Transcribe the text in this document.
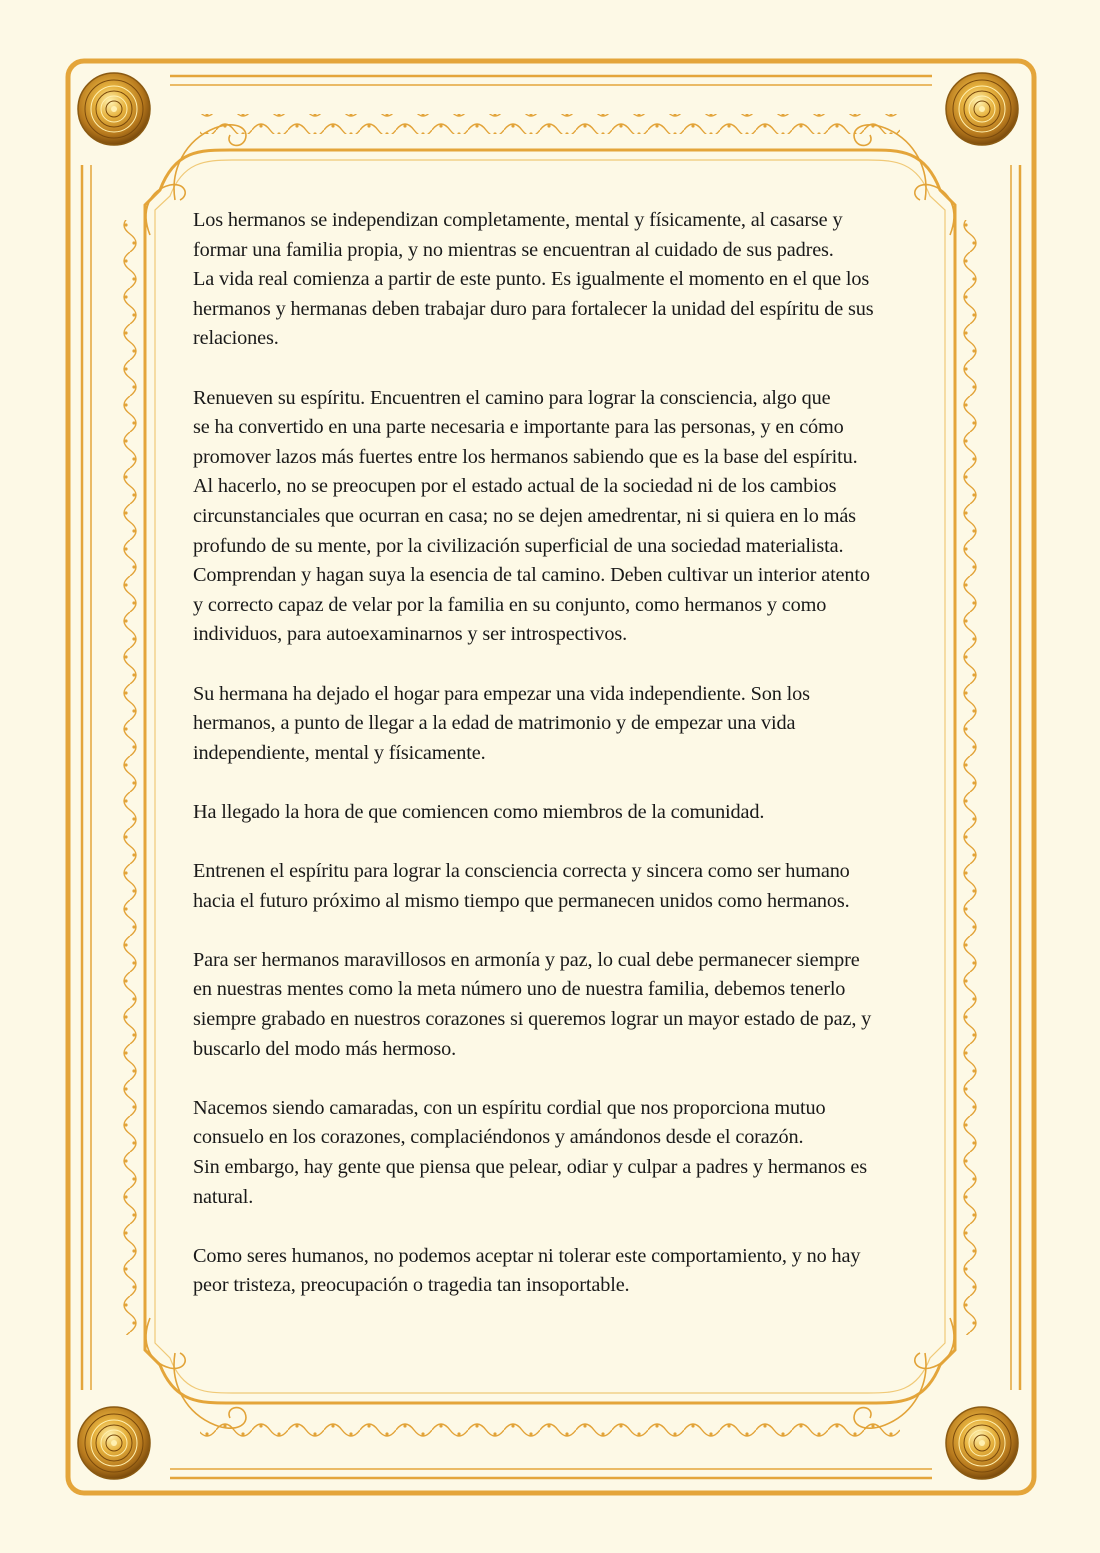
Los hermanos se independizan completamente, mental y físicamente, al casarse y
formar una familia propia, y no mientras se encuentran al cuidado de sus padres.
La vida real comienza a partir de este punto. Es igualmente el momento en el que los
hermanos y hermanas deben trabajar duro para fortalecer la unidad del espíritu de sus
relaciones.

Renueven su espíritu. Encuentren el camino para lograr la consciencia, algo que
se ha convertido en una parte necesaria e importante para las personas, y en cómo
promover lazos más fuertes entre los hermanos sabiendo que es la base del espíritu.
Al hacerlo, no se preocupen por el estado actual de la sociedad ni de los cambios
circunstanciales que ocurran en casa; no se dejen amedrentar, ni si quiera en lo más
profundo de su mente, por la civilización superficial de una sociedad materialista.
Comprendan y hagan suya la esencia de tal camino. Deben cultivar un interior atento
y correcto capaz de velar por la familia en su conjunto, como hermanos y como
individuos, para autoexaminarnos y ser introspectivos.

Su hermana ha dejado el hogar para empezar una vida independiente. Son los
hermanos, a punto de llegar a la edad de matrimonio y de empezar una vida
independiente, mental y físicamente.

Ha llegado la hora de que comiencen como miembros de la comunidad.

Entrenen el espíritu para lograr la consciencia correcta y sincera como ser humano
hacia el futuro próximo al mismo tiempo que permanecen unidos como hermanos.

Para ser hermanos maravillosos en armonía y paz, lo cual debe permanecer siempre
en nuestras mentes como la meta número uno de nuestra familia, debemos tenerlo
siempre grabado en nuestros corazones si queremos lograr un mayor estado de paz, y
buscarlo del modo más hermoso.

Nacemos siendo camaradas, con un espíritu cordial que nos proporciona mutuo
consuelo en los corazones, complaciéndonos y amándonos desde el corazón.
Sin embargo, hay gente que piensa que pelear, odiar y culpar a padres y hermanos es
natural.

Como seres humanos, no podemos aceptar ni tolerar este comportamiento, y no hay
peor tristeza, preocupación o tragedia tan insoportable.
